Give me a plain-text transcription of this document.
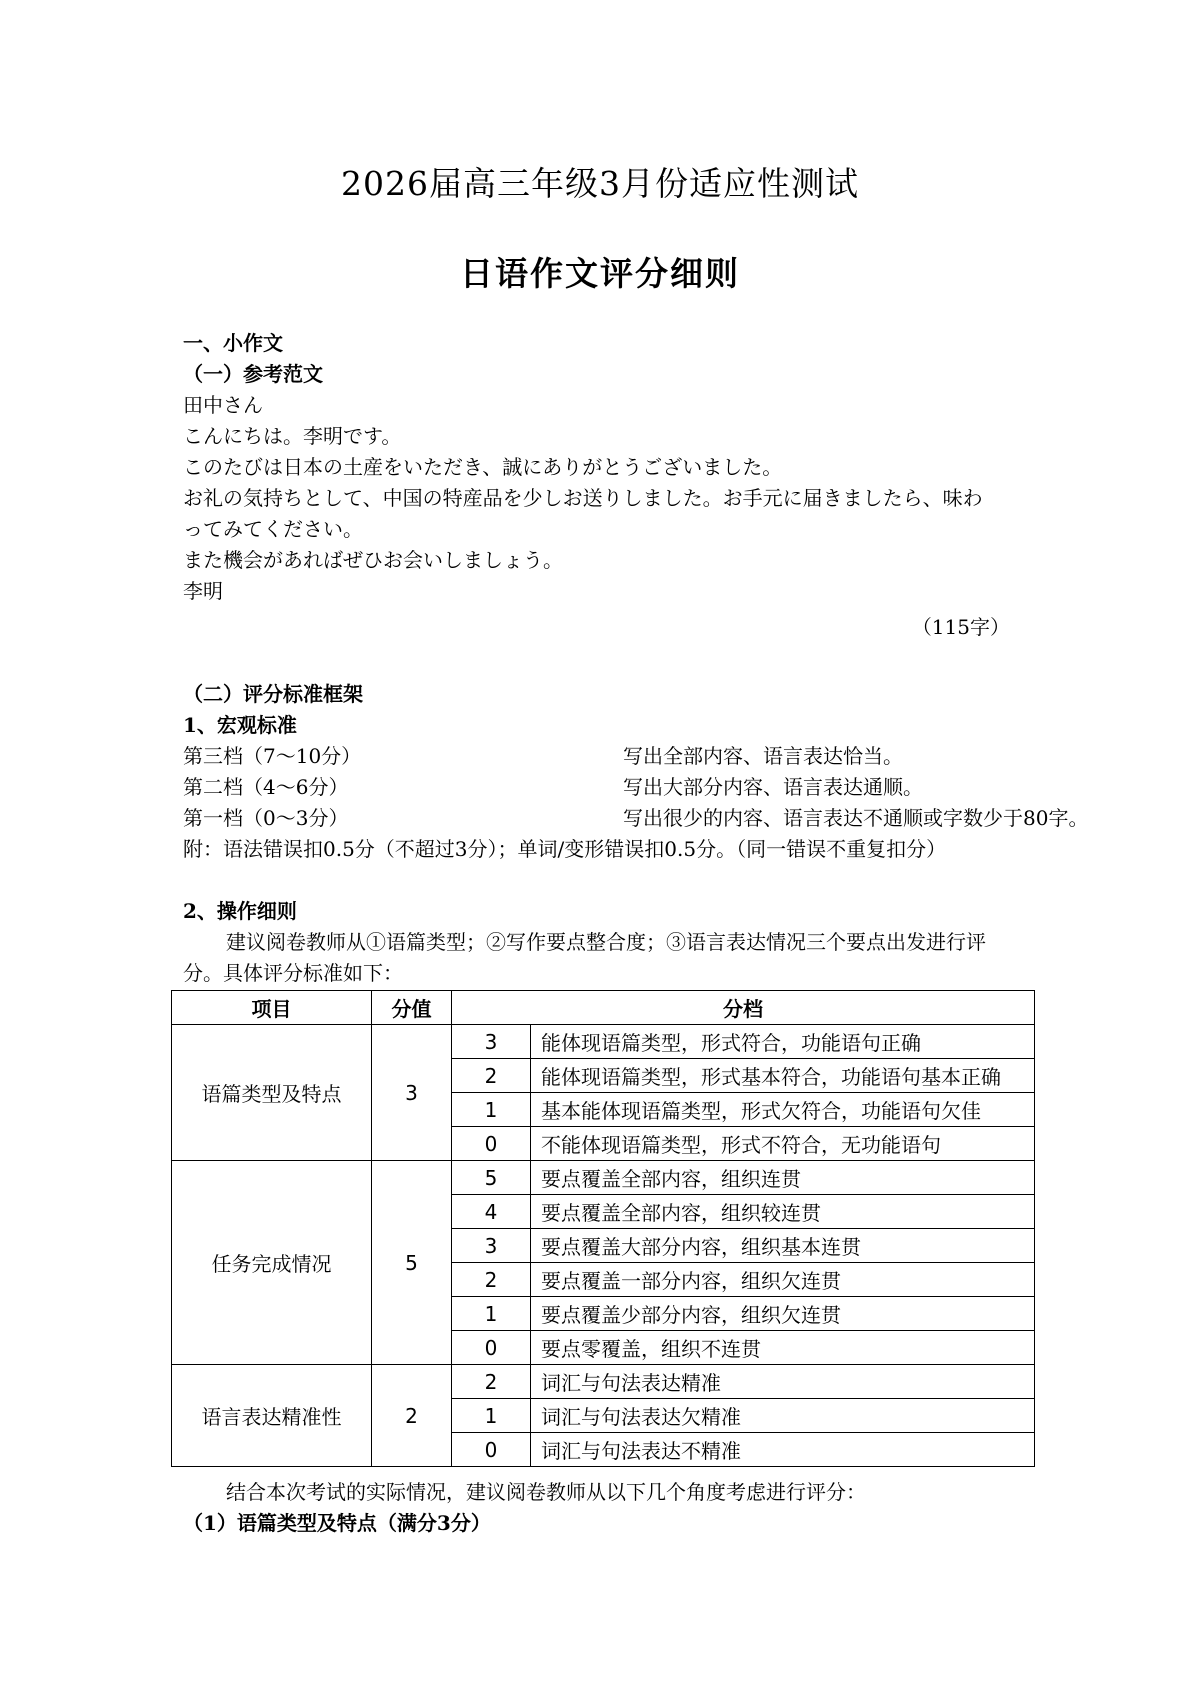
2026届高三年级3月份适应性测试
日语作文评分细则
一、小作文
（一）参考范文
田中さん
こんにちは。李明です。
このたびは日本の土産をいただき、誠にありがとうございました。
お礼の気持ちとして、中国の特産品を少しお送りしました。お手元に届きましたら、味わ
ってみてください。
また機会があればぜひお会いしましょう。
李明
（115字）
（二）评分标准框架
1、宏观标准
第三档（7～10分）	写出全部内容、语言表达恰当。
第二档（4～6分）	写出大部分内容、语言表达通顺。
第一档（0～3分）	写出很少的内容、语言表达不通顺或字数少于80字。
附：语法错误扣0.5分（不超过3分）；单词/变形错误扣0.5分。（同一错误不重复扣分）
2、操作细则
建议阅卷教师从①语篇类型；②写作要点整合度；③语言表达情况三个要点出发进行评
分。具体评分标准如下：
项目	分值	分档	
语篇类型及特点	3	3	能体现语篇类型，形式符合，功能语句正确
		2	能体现语篇类型，形式基本符合，功能语句基本正确
		1	基本能体现语篇类型，形式欠符合，功能语句欠佳
		0	不能体现语篇类型，形式不符合，无功能语句
任务完成情况	5	5	要点覆盖全部内容，组织连贯
		4	要点覆盖全部内容，组织较连贯
		3	要点覆盖大部分内容，组织基本连贯
		2	要点覆盖一部分内容，组织欠连贯
		1	要点覆盖少部分内容，组织欠连贯
		0	要点零覆盖，组织不连贯
语言表达精准性	2	2	词汇与句法表达精准
		1	词汇与句法表达欠精准
		0	词汇与句法表达不精准
结合本次考试的实际情况，建议阅卷教师从以下几个角度考虑进行评分：
（1）语篇类型及特点（满分3分）
